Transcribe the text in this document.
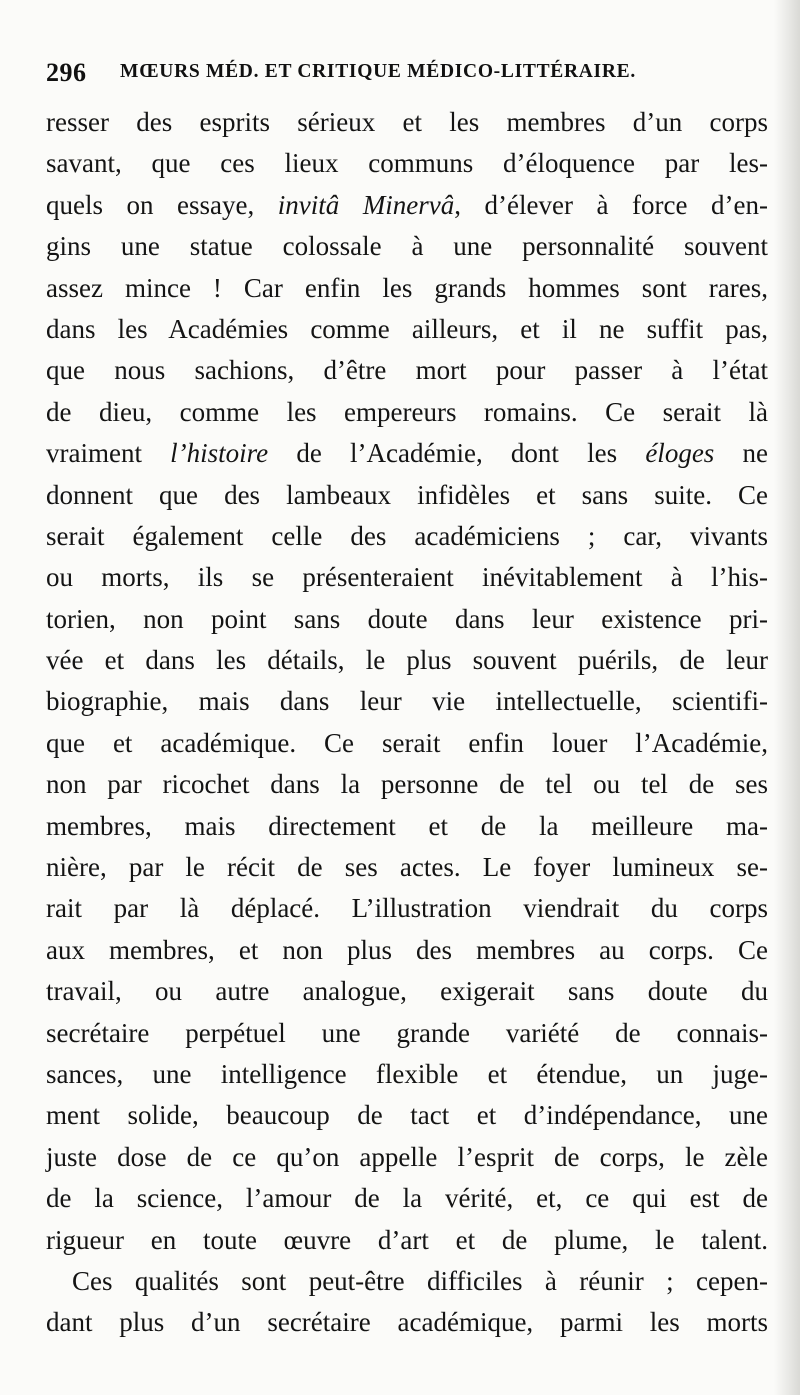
296 MŒURS MÉD. ET CRITIQUE MÉDICO-LITTÉRAIRE.
resser des esprits sérieux et les membres d’un corps
savant, que ces lieux communs d’éloquence par les-
quels on essaye, invitâ Minervâ, d’élever à force d’en-
gins une statue colossale à une personnalité souvent
assez mince ! Car enfin les grands hommes sont rares,
dans les Académies comme ailleurs, et il ne suffit pas,
que nous sachions, d’être mort pour passer à l’état
de dieu, comme les empereurs romains. Ce serait là
vraiment l’histoire de l’Académie, dont les éloges ne
donnent que des lambeaux infidèles et sans suite. Ce
serait également celle des académiciens ; car, vivants
ou morts, ils se présenteraient inévitablement à l’his-
torien, non point sans doute dans leur existence pri-
vée et dans les détails, le plus souvent puérils, de leur
biographie, mais dans leur vie intellectuelle, scientifi-
que et académique. Ce serait enfin louer l’Académie,
non par ricochet dans la personne de tel ou tel de ses
membres, mais directement et de la meilleure ma-
nière, par le récit de ses actes. Le foyer lumineux se-
rait par là déplacé. L’illustration viendrait du corps
aux membres, et non plus des membres au corps. Ce
travail, ou autre analogue, exigerait sans doute du
secrétaire perpétuel une grande variété de connais-
sances, une intelligence flexible et étendue, un juge-
ment solide, beaucoup de tact et d’indépendance, une
juste dose de ce qu’on appelle l’esprit de corps, le zèle
de la science, l’amour de la vérité, et, ce qui est de
rigueur en toute œuvre d’art et de plume, le talent.
Ces qualités sont peut-être difficiles à réunir ; cepen-
dant plus d’un secrétaire académique, parmi les morts
